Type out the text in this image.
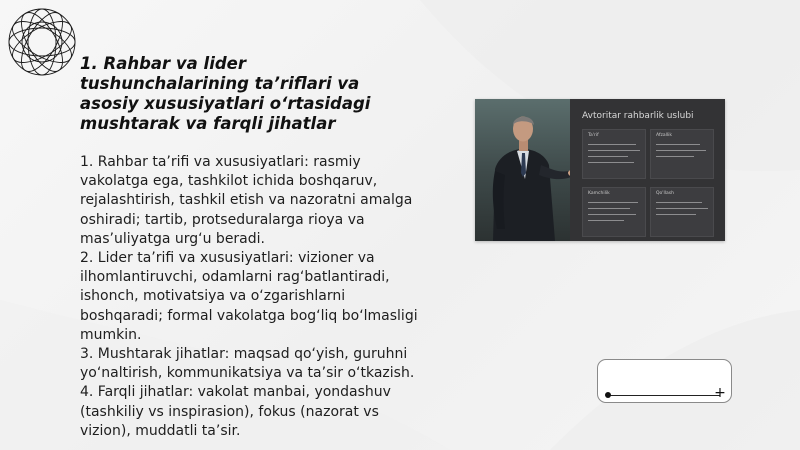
1. Rahbar va lider tushunchalarining ta’riflari va asosiy xususiyatlari o‘rtasidagi mushtarak va farqli jihatlar

1. Rahbar ta’rifi va xususiyatlari: rasmiy vakolatga ega, tashkilot ichida boshqaruv, rejalashtirish, tashkil etish va nazoratni amalga oshiradi; tartib, protseduralarga rioya va mas’uliyatga urg‘u beradi.

2. Lider ta’rifi va xususiyatlari: vizioner va ilhomlantiruvchi, odamlarni rag‘batlantiradi, ishonch, motivatsiya va o‘zgarishlarni boshqaradi; formal vakolatga bog‘liq bo‘lmasligi mumkin.

3. Mushtarak jihatlar: maqsad qo‘yish, guruhni yo‘naltirish, kommunikatsiya va ta’sir o‘tkazish.

4. Farqli jihatlar: vakolat manbai, yondashuv (tashkiliy vs inspirasion), fokus (nazorat vs vizion), muddatli ta’sir.

Avtoritar rahbarlik uslubi
Ta'rif	Afzallik
Kamchilik	Qo'llash
+
